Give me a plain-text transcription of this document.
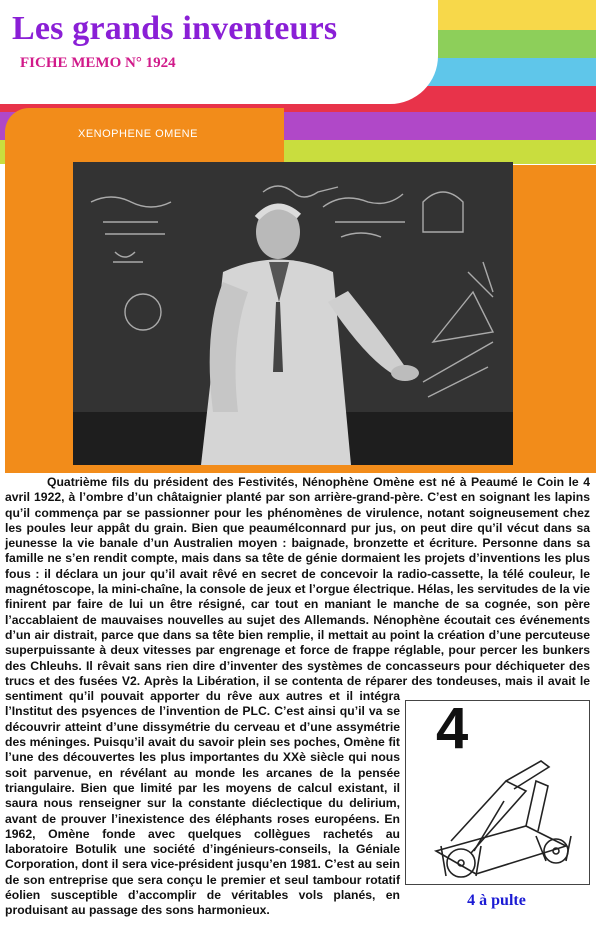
Les grands inventeurs
FICHE MEMO N° 1924
XENOPHENE OMENE

Quatrième fils du président des Festivités, Nénophène Omène est né à Peaumé le Coin le 4 avril 1922, à l’ombre d’un châtaignier planté par son arrière-grand-père. C’est en soignant les lapins qu’il commença par se passionner pour les phénomènes de virulence, notant soigneusement chez les poules leur appât du grain. Bien que peaumélconnard pur jus, on peut dire qu’il vécut dans sa jeunesse la vie banale d’un Australien moyen : baignade, bronzette et écriture. Personne dans sa famille ne s’en rendit compte, mais dans sa tête de génie dormaient les projets d’inventions les plus fous : il déclara un jour qu’il avait rêvé en secret de concevoir la radio-cassette, la télé couleur, le magnétoscope, la mini-chaîne, la console de jeux et l’orgue électrique. Hélas, les servitudes de la vie finirent par faire de lui un être résigné, car tout en maniant le manche de sa cognée, son père l’accablaient de mauvaises nouvelles au sujet des Allemands. Nénophène écoutait ces événements d’un air distrait, parce que dans sa tête bien remplie, il mettait au point la création d’une percuteuse superpuissante à deux vitesses par engrenage et force de frappe réglable, pour percer les bunkers des Chleuhs. Il rêvait sans rien dire d’inventer des systèmes de concasseurs pour déchiqueter des trucs et des fusées V2. Après la Libération, il se contenta de réparer des tondeuses, mais il avait le sentiment qu’il pouvait apporter du rêve aux autres et il intégra l’Institut des psyences de l’invention de PLC. C’est ainsi qu’il va se découvrir atteint d’une dissymétrie du cerveau et d’une assymétrie des méninges. Puisqu’il avait du savoir plein ses poches, Omène fit l’une des découvertes les plus importantes du XXè siècle qui nous soit parvenue, en révélant au monde les arcanes de la pensée triangulaire. Bien que limité par les moyens de calcul existant, il saura nous renseigner sur la constante diéclectique du delirium, avant de prouver l’inexistence des éléphants roses européens. En 1962, Omène fonde avec quelques collègues rachetés au laboratoire Botulik une société d’ingénieurs-conseils, la Géniale Corporation, dont il sera vice-président jusqu’en 1981. C’est au sein de son entreprise que sera conçu le premier et seul tambour rotatif éolien susceptible d’accomplir de véritables vols planés, en produisant au passage des sons harmonieux.

4
4 à pulte
